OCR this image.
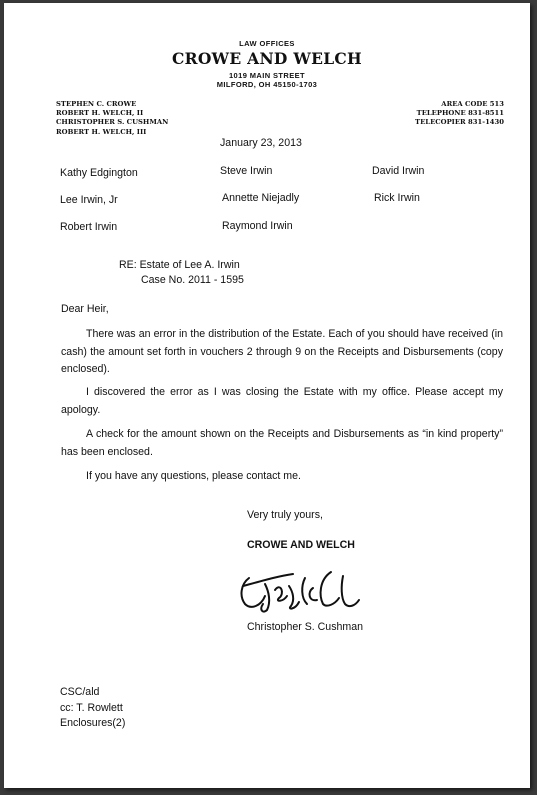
LAW OFFICES
CROWE AND WELCH
1019 MAIN STREET
MILFORD, OH 45150-1703
STEPHEN C. CROWE
ROBERT H. WELCH, II
CHRISTOPHER S. CUSHMAN
ROBERT H. WELCH, III
AREA CODE 513
TELEPHONE 831-8511
TELECOPIER 831-1430
January 23, 2013
Kathy Edgington	Steve Irwin	David Irwin
Lee Irwin, Jr	Annette Niejadly	Rick Irwin
Robert Irwin	Raymond Irwin
RE: Estate of Lee A. Irwin
Case No. 2011 - 1595
Dear Heir,
There was an error in the distribution of the Estate. Each of you should have received (in cash) the amount set forth in vouchers 2 through 9 on the Receipts and Disbursements (copy enclosed).
I discovered the error as I was closing the Estate with my office. Please accept my apology.
A check for the amount shown on the Receipts and Disbursements as “in kind property” has been enclosed.
If you have any questions, please contact me.
Very truly yours,
CROWE AND WELCH
Christopher S. Cushman
CSC/ald
cc: T. Rowlett
Enclosures(2)
